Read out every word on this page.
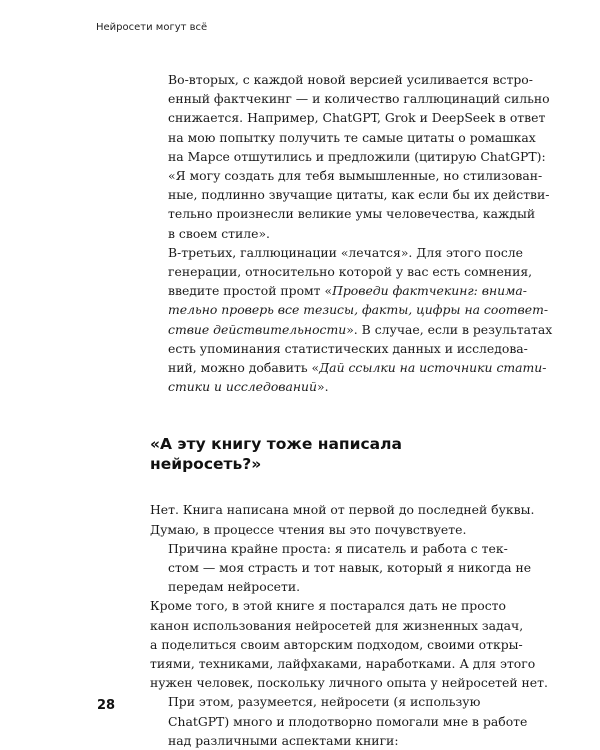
Нейросети могут всё

Во-вторых, с каждой новой версией усиливается встро-
енный фактчекинг — и количество галлюцинаций сильно
снижается. Например, ChatGPT, Grok и DeepSeek в ответ
на мою попытку получить те самые цитаты о ромашках
на Марсе отшутились и предложили (цитирую ChatGPT):
«Я могу создать для тебя вымышленные, но стилизован-
ные, подлинно звучащие цитаты, как если бы их действи-
тельно произнесли великие умы человечества, каждый
в своем стиле».

В-третьих, галлюцинации «лечатся». Для этого после
генерации, относительно которой у вас есть сомнения,
введите простой промт «Проведи фактчекинг: внима-
тельно проверь все тезисы, факты, цифры на соответ-
ствие действительности». В случае, если в результатах
есть упоминания статистических данных и исследова-
ний, можно добавить «Дай ссылки на источники стати-
стики и исследований».

«А эту книгу тоже написала нейросеть?»

Нет. Книга написана мной от первой до последней буквы.
Думаю, в процессе чтения вы это почувствуете.

Причина крайне проста: я писатель и работа с тек-
стом — моя страсть и тот навык, который я никогда не
передам нейросети.

Кроме того, в этой книге я постарался дать не просто
канон использования нейросетей для жизненных задач,
а поделиться своим авторским подходом, своими откры-
тиями, техниками, лайфхаками, наработками. А для этого
нужен человек, поскольку личного опыта у нейросетей нет.

При этом, разумеется, нейросети (я использую
ChatGPT) много и плодотворно помогали мне в работе
над различными аспектами книги:

28
